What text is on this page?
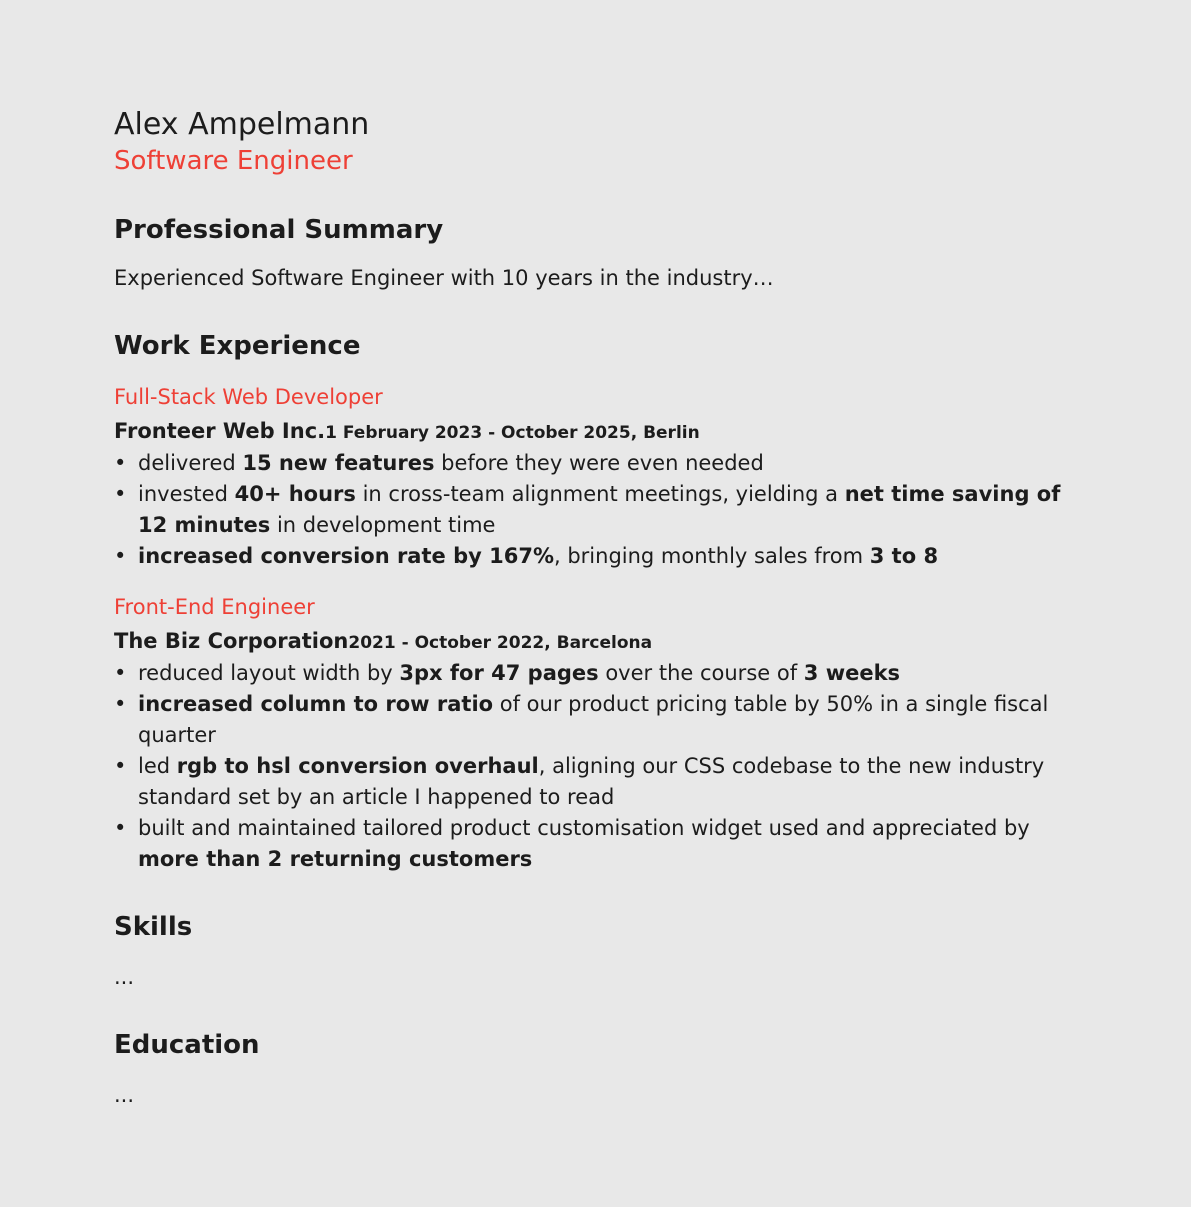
Alex Ampelmann

Software Engineer

Professional Summary

Experienced Software Engineer with 10 years in the industry…

Work Experience

Full-Stack Web Developer

Fronteer Web Inc.1 February 2023 - October 2025, Berlin

• delivered 15 new features before they were even needed
• invested 40+ hours in cross-team alignment meetings, yielding a net time saving of 12 minutes in development time
• increased conversion rate by 167%, bringing monthly sales from 3 to 8

Front-End Engineer

The Biz Corporation2021 - October 2022, Barcelona

• reduced layout width by 3px for 47 pages over the course of 3 weeks
• increased column to row ratio of our product pricing table by 50% in a single fiscal quarter
• led rgb to hsl conversion overhaul, aligning our CSS codebase to the new industry standard set by an article I happened to read
• built and maintained tailored product customisation widget used and appreciated by more than 2 returning customers
Skills

...

Education

...
